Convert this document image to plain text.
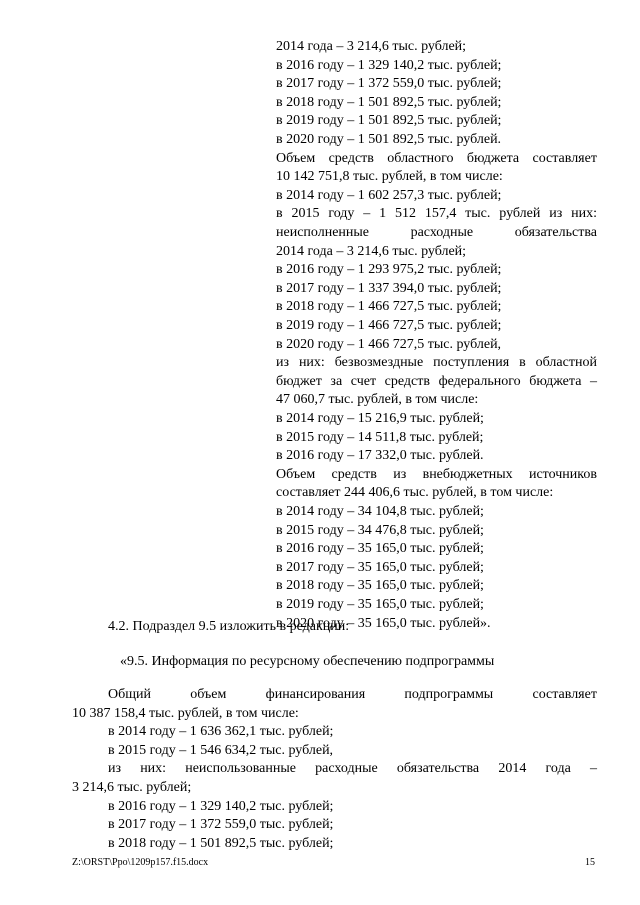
2014 года – 3 214,6 тыс. рублей;
в 2016 году – 1 329 140,2 тыс. рублей;
в 2017 году – 1 372 559,0 тыс. рублей;
в 2018 году – 1 501 892,5 тыс. рублей;
в 2019 году – 1 501 892,5 тыс. рублей;
в 2020 году – 1 501 892,5 тыс. рублей.
Объем средств областного бюджета составляет
10 142 751,8 тыс. рублей, в том числе:
в 2014 году – 1 602 257,3 тыс. рублей;
в 2015 году – 1 512 157,4 тыс. рублей из них:
неисполненные	расходные	обязательства
2014 года – 3 214,6 тыс. рублей;
в 2016 году – 1 293 975,2 тыс. рублей;
в 2017 году – 1 337 394,0 тыс. рублей;
в 2018 году – 1 466 727,5 тыс. рублей;
в 2019 году – 1 466 727,5 тыс. рублей;
в 2020 году – 1 466 727,5 тыс. рублей,
из них: безвозмездные поступления в областной
бюджет за счет средств федерального бюджета –
47 060,7 тыс. рублей, в том числе:
в 2014 году – 15 216,9 тыс. рублей;
в 2015 году – 14 511,8 тыс. рублей;
в 2016 году – 17 332,0 тыс. рублей.
Объем средств из внебюджетных источников
составляет 244 406,6 тыс. рублей, в том числе:
в 2014 году – 34 104,8 тыс. рублей;
в 2015 году – 34 476,8 тыс. рублей;
в 2016 году – 35 165,0 тыс. рублей;
в 2017 году – 35 165,0 тыс. рублей;
в 2018 году – 35 165,0 тыс. рублей;
в 2019 году – 35 165,0 тыс. рублей;
в 2020 году – 35 165,0 тыс. рублей».
4.2. Подраздел 9.5 изложить в редакции:
«9.5. Информация по ресурсному обеспечению подпрограммы
Общий	объем	финансирования	подпрограммы	составляет
10 387 158,4 тыс. рублей, в том числе:
в 2014 году – 1 636 362,1 тыс. рублей;
в 2015 году – 1 546 634,2 тыс. рублей,
из них: неиспользованные расходные обязательства 2014 года –
3 214,6 тыс. рублей;
в 2016 году – 1 329 140,2 тыс. рублей;
в 2017 году – 1 372 559,0 тыс. рублей;
в 2018 году – 1 501 892,5 тыс. рублей;
Z:\ORST\Ppo\1209p157.f15.docx	15
